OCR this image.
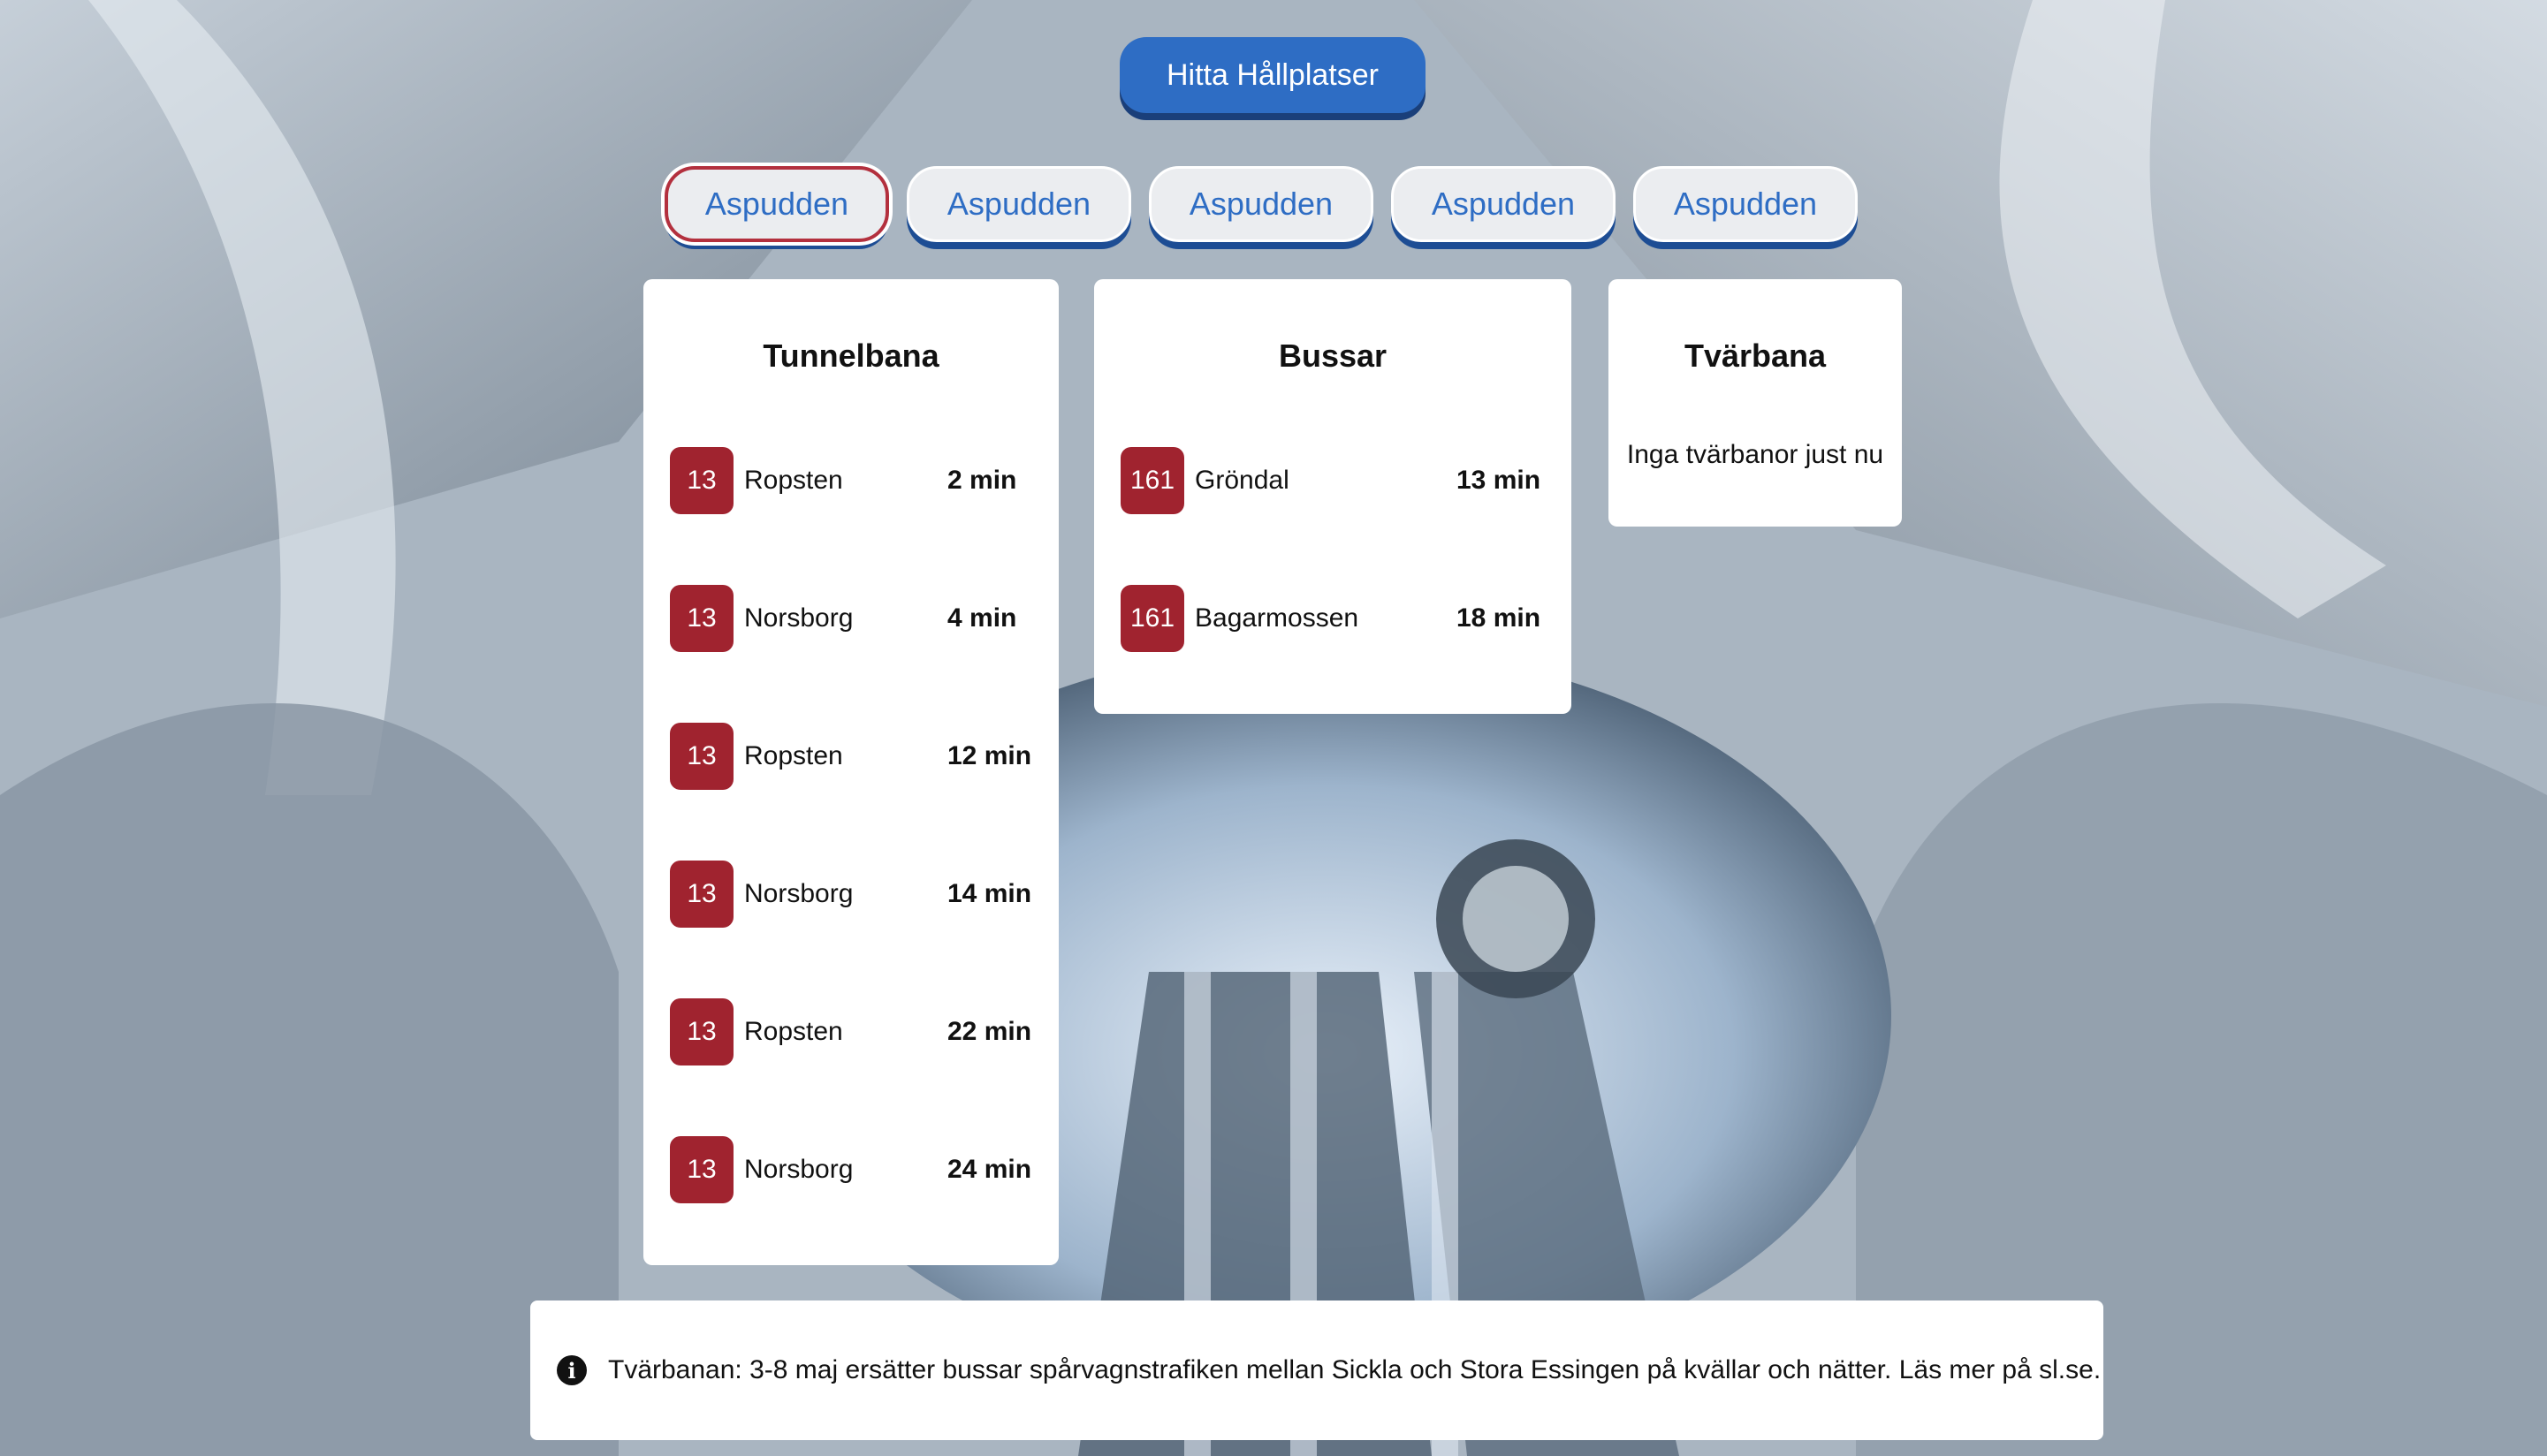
Hitta Hållplatser
Aspudden	Aspudden	Aspudden	Aspudden	Aspudden
Tunnelbana
13	Ropsten	2 min
13	Norsborg	4 min
13	Ropsten	12 min
13	Norsborg	14 min
13	Ropsten	22 min
13	Norsborg	24 min
Bussar
161 Gröndal	13 min
161 Bagarmossen	18 min
Tvärbana
Inga tvärbanor just nu
i	Tvärbanan: 3-8 maj ersätter bussar spårvagnstrafiken mellan Sickla och Stora Essingen på kvällar och nätter. Läs mer på sl.se.
